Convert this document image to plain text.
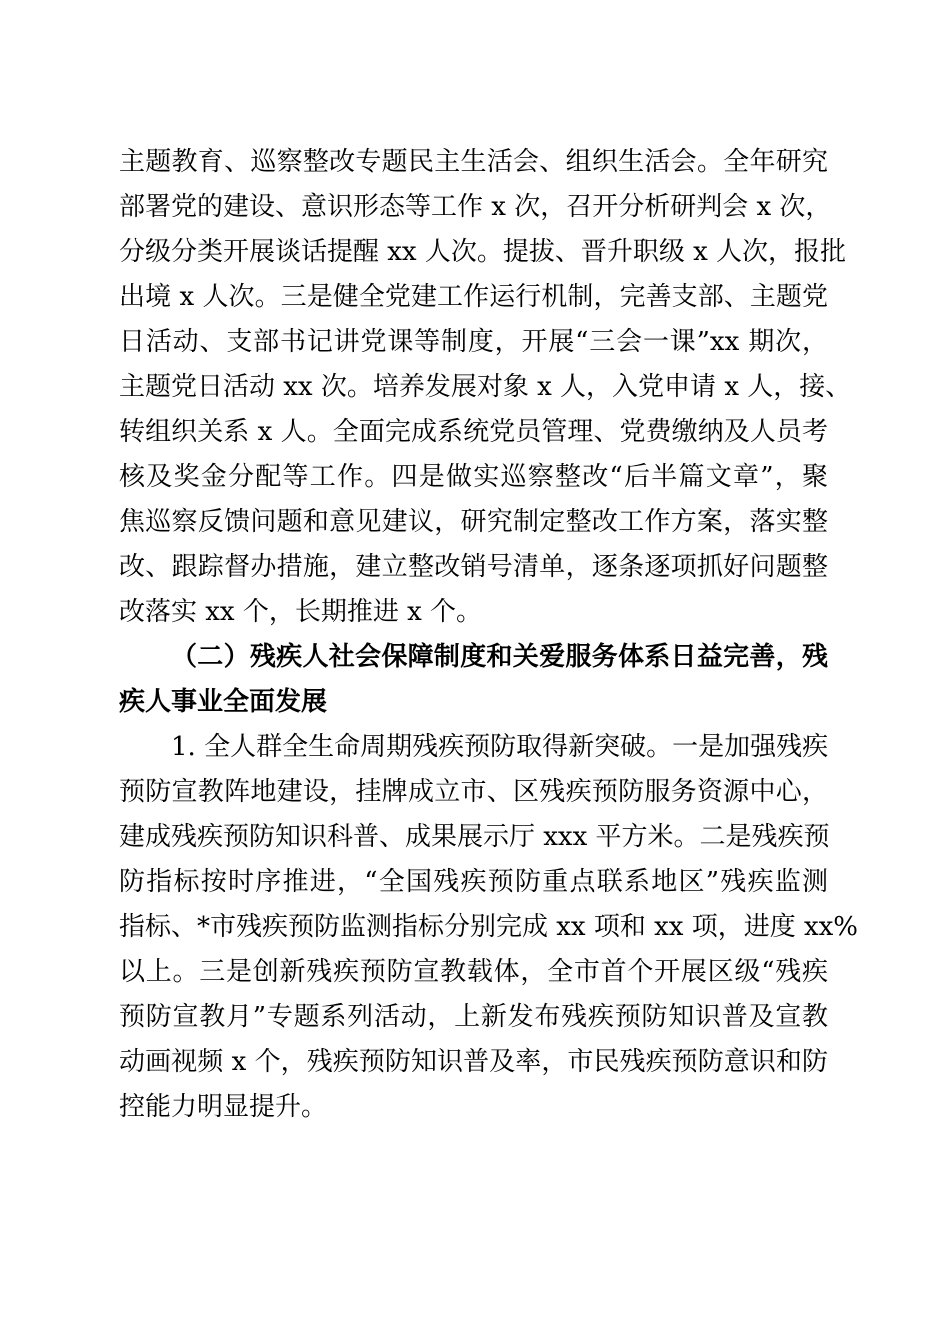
主题教育、巡察整改专题民主生活会、组织生活会。全年研究
部署党的建设、意识形态等工作 x 次，召开分析研判会 x 次，
分级分类开展谈话提醒 xx 人次。提拔、晋升职级 x 人次，报批
出境 x 人次。三是健全党建工作运行机制，完善支部、主题党
日活动、支部书记讲党课等制度，开展“三会一课”xx 期次，
主题党日活动 xx 次。培养发展对象 x 人，入党申请 x 人，接、
转组织关系 x 人。全面完成系统党员管理、党费缴纳及人员考
核及奖金分配等工作。四是做实巡察整改“后半篇文章”，聚
焦巡察反馈问题和意见建议，研究制定整改工作方案，落实整
改、跟踪督办措施，建立整改销号清单，逐条逐项抓好问题整
改落实 xx 个，长期推进 x 个。
（二）残疾人社会保障制度和关爱服务体系日益完善，残
疾人事业全面发展
1. 全人群全生命周期残疾预防取得新突破。一是加强残疾
预防宣教阵地建设，挂牌成立市、区残疾预防服务资源中心，
建成残疾预防知识科普、成果展示厅 xxx 平方米。二是残疾预
防指标按时序推进，“全国残疾预防重点联系地区”残疾监测
指标、*市残疾预防监测指标分别完成 xx 项和 xx 项，进度 xx%
以上。三是创新残疾预防宣教载体，全市首个开展区级“残疾
预防宣教月”专题系列活动，上新发布残疾预防知识普及宣教
动画视频 x 个，残疾预防知识普及率，市民残疾预防意识和防
控能力明显提升。
